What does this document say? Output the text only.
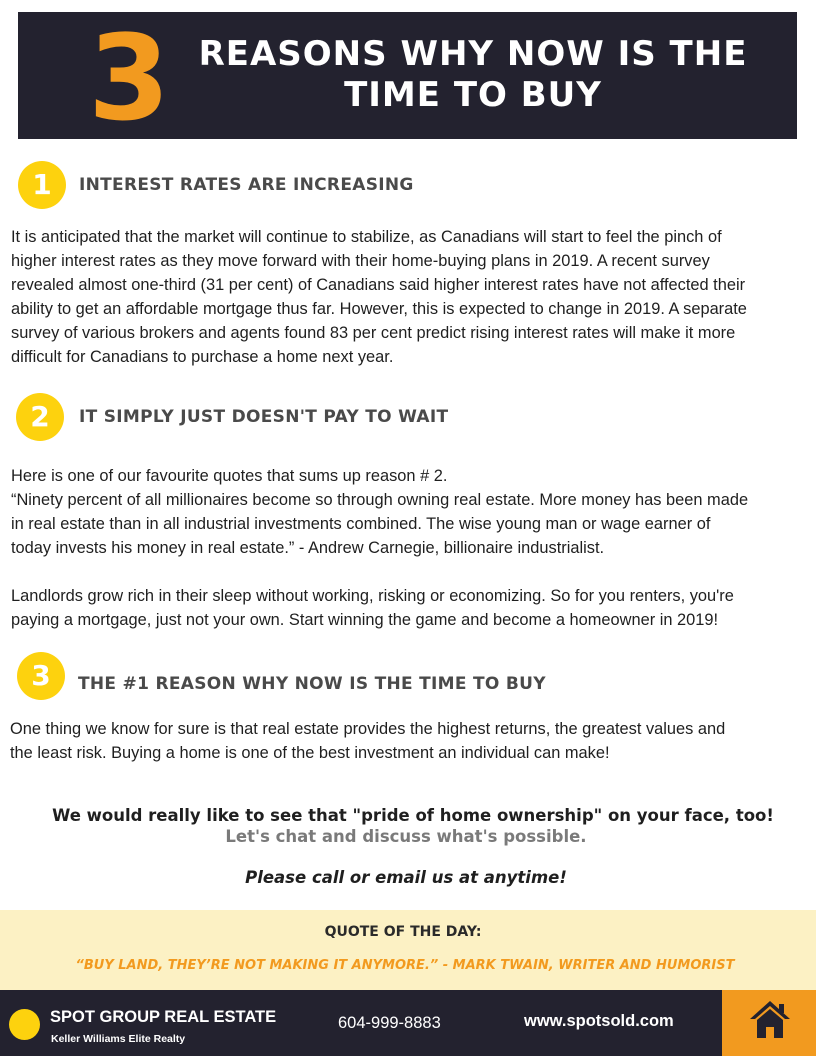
3 REASONS WHY NOW IS THE
TIME TO BUY
1	INTEREST RATES ARE INCREASING
It is anticipated that the market will continue to stabilize, as Canadians will start to feel the pinch of
higher interest rates as they move forward with their home-buying plans in 2019. A recent survey
revealed almost one-third (31 per cent) of Canadians said higher interest rates have not affected their
ability to get an affordable mortgage thus far. However, this is expected to change in 2019. A separate
survey of various brokers and agents found 83 per cent predict rising interest rates will make it more
difficult for Canadians to purchase a home next year.
2	IT SIMPLY JUST DOESN'T PAY TO WAIT
Here is one of our favourite quotes that sums up reason # 2.
“Ninety percent of all millionaires become so through owning real estate. More money has been made
in real estate than in all industrial investments combined. The wise young man or wage earner of
today invests his money in real estate.” - Andrew Carnegie, billionaire industrialist.
Landlords grow rich in their sleep without working, risking or economizing. So for you renters, you're
paying a mortgage, just not your own. Start winning the game and become a homeowner in 2019!
3	THE #1 REASON WHY NOW IS THE TIME TO BUY
One thing we know for sure is that real estate provides the highest returns, the greatest values and
the least risk. Buying a home is one of the best investment an individual can make!
We would really like to see that "pride of home ownership" on your face, too!
Let's chat and discuss what's possible.
Please call or email us at anytime!
QUOTE OF THE DAY:
“BUY LAND, THEY’RE NOT MAKING IT ANYMORE.” - MARK TWAIN, WRITER AND HUMORIST
SPOT GROUP REAL ESTATE
Keller Williams Elite Realty
604-999-8883	www.spotsold.com
